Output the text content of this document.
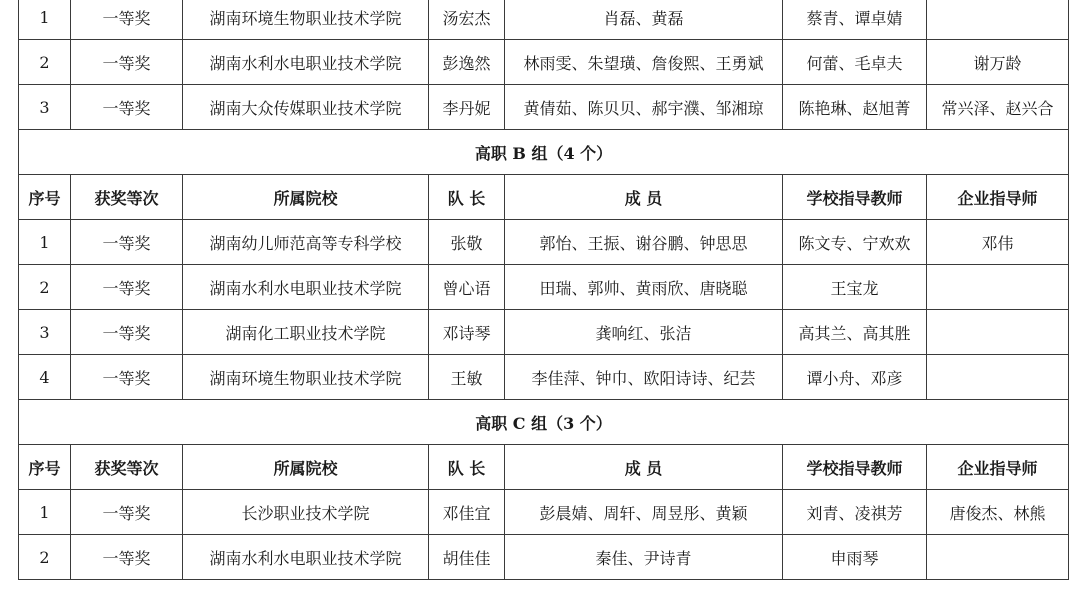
1	一等奖	湖南环境生物职业技术学院	汤宏杰	肖磊、黄磊	蔡青、谭卓婧	
2	一等奖	湖南水利水电职业技术学院	彭逸然	林雨雯、朱望璜、詹俊熙、王勇斌	何蕾、毛卓夫	谢万龄
3	一等奖	湖南大众传媒职业技术学院	李丹妮	黄倩茹、陈贝贝、郝宇濮、邹湘琼	陈艳琳、赵旭菁	常兴泽、赵兴合
高职 B 组（4 个）						
序号	获奖等次	所属院校	队 长	成 员	学校指导教师	企业指导师
1	一等奖	湖南幼儿师范高等专科学校	张敬	郭怡、王振、谢谷鹏、钟思思	陈文专、宁欢欢	邓伟
2	一等奖	湖南水利水电职业技术学院	曾心语	田瑞、郭帅、黄雨欣、唐晓聪	王宝龙	
3	一等奖	湖南化工职业技术学院	邓诗琴	龚响红、张洁	高其兰、高其胜	
4	一等奖	湖南环境生物职业技术学院	王敏	李佳萍、钟巾、欧阳诗诗、纪芸	谭小舟、邓彦	
高职 C 组（3 个）						
序号	获奖等次	所属院校	队 长	成 员	学校指导教师	企业指导师
1	一等奖	长沙职业技术学院	邓佳宜	彭晨婧、周轩、周昱彤、黄颖	刘青、凌祺芳	唐俊杰、林熊
2	一等奖	湖南水利水电职业技术学院	胡佳佳	秦佳、尹诗青	申雨琴	
